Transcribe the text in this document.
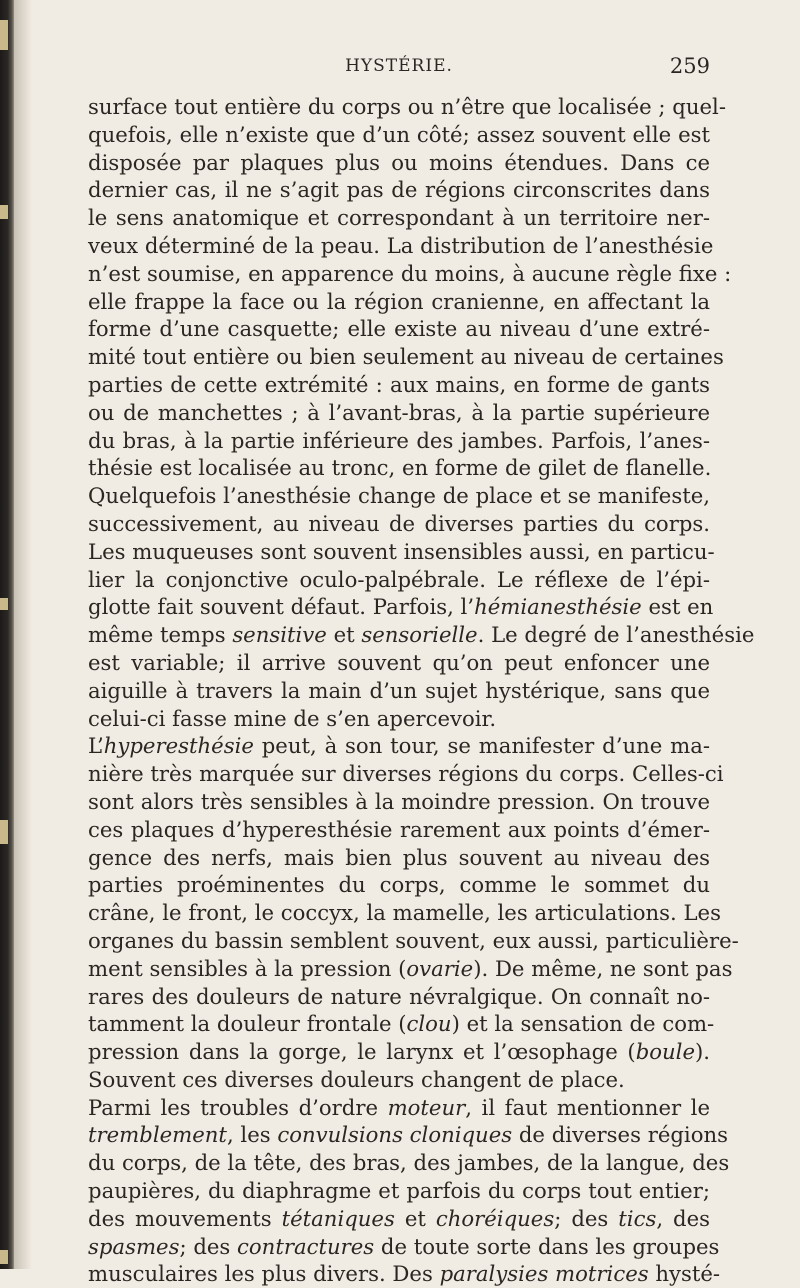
HYSTÉRIE.	259
surface tout entière du corps ou n’être que localisée ; quel-
quefois, elle n’existe que d’un côté; assez souvent elle est
disposée par plaques plus ou moins étendues. Dans ce
dernier cas, il ne s’agit pas de régions circonscrites dans
le sens anatomique et correspondant à un territoire ner-
veux déterminé de la peau. La distribution de l’anesthésie
n’est soumise, en apparence du moins, à aucune règle fixe :
elle frappe la face ou la région cranienne, en affectant la
forme d’une casquette; elle existe au niveau d’une extré-
mité tout entière ou bien seulement au niveau de certaines
parties de cette extrémité : aux mains, en forme de gants
ou de manchettes ; à l’avant-bras, à la partie supérieure
du bras, à la partie inférieure des jambes. Parfois, l’anes-
thésie est localisée au tronc, en forme de gilet de flanelle.
Quelquefois l’anesthésie change de place et se manifeste,
successivement, au niveau de diverses parties du corps.
Les muqueuses sont souvent insensibles aussi, en particu-
lier la conjonctive oculo-palpébrale. Le réflexe de l’épi-
glotte fait souvent défaut. Parfois, l’hémianesthésie est en
même temps sensitive et sensorielle. Le degré de l’anesthésie
est variable; il arrive souvent qu’on peut enfoncer une
aiguille à travers la main d’un sujet hystérique, sans que
celui-ci fasse mine de s’en apercevoir.
L’hyperesthésie peut, à son tour, se manifester d’une ma-
nière très marquée sur diverses régions du corps. Celles-ci
sont alors très sensibles à la moindre pression. On trouve
ces plaques d’hyperesthésie rarement aux points d’émer-
gence des nerfs, mais bien plus souvent au niveau des
parties proéminentes du corps, comme le sommet du
crâne, le front, le coccyx, la mamelle, les articulations. Les
organes du bassin semblent souvent, eux aussi, particulière-
ment sensibles à la pression (ovarie). De même, ne sont pas
rares des douleurs de nature névralgique. On connaît no-
tamment la douleur frontale (clou) et la sensation de com-
pression dans la gorge, le larynx et l’œsophage (boule).
Souvent ces diverses douleurs changent de place.
Parmi les troubles d’ordre moteur, il faut mentionner le
tremblement, les convulsions cloniques de diverses régions
du corps, de la tête, des bras, des jambes, de la langue, des
paupières, du diaphragme et parfois du corps tout entier;
des mouvements tétaniques et choréiques; des tics, des
spasmes; des contractures de toute sorte dans les groupes
musculaires les plus divers. Des paralysies motrices hysté-
